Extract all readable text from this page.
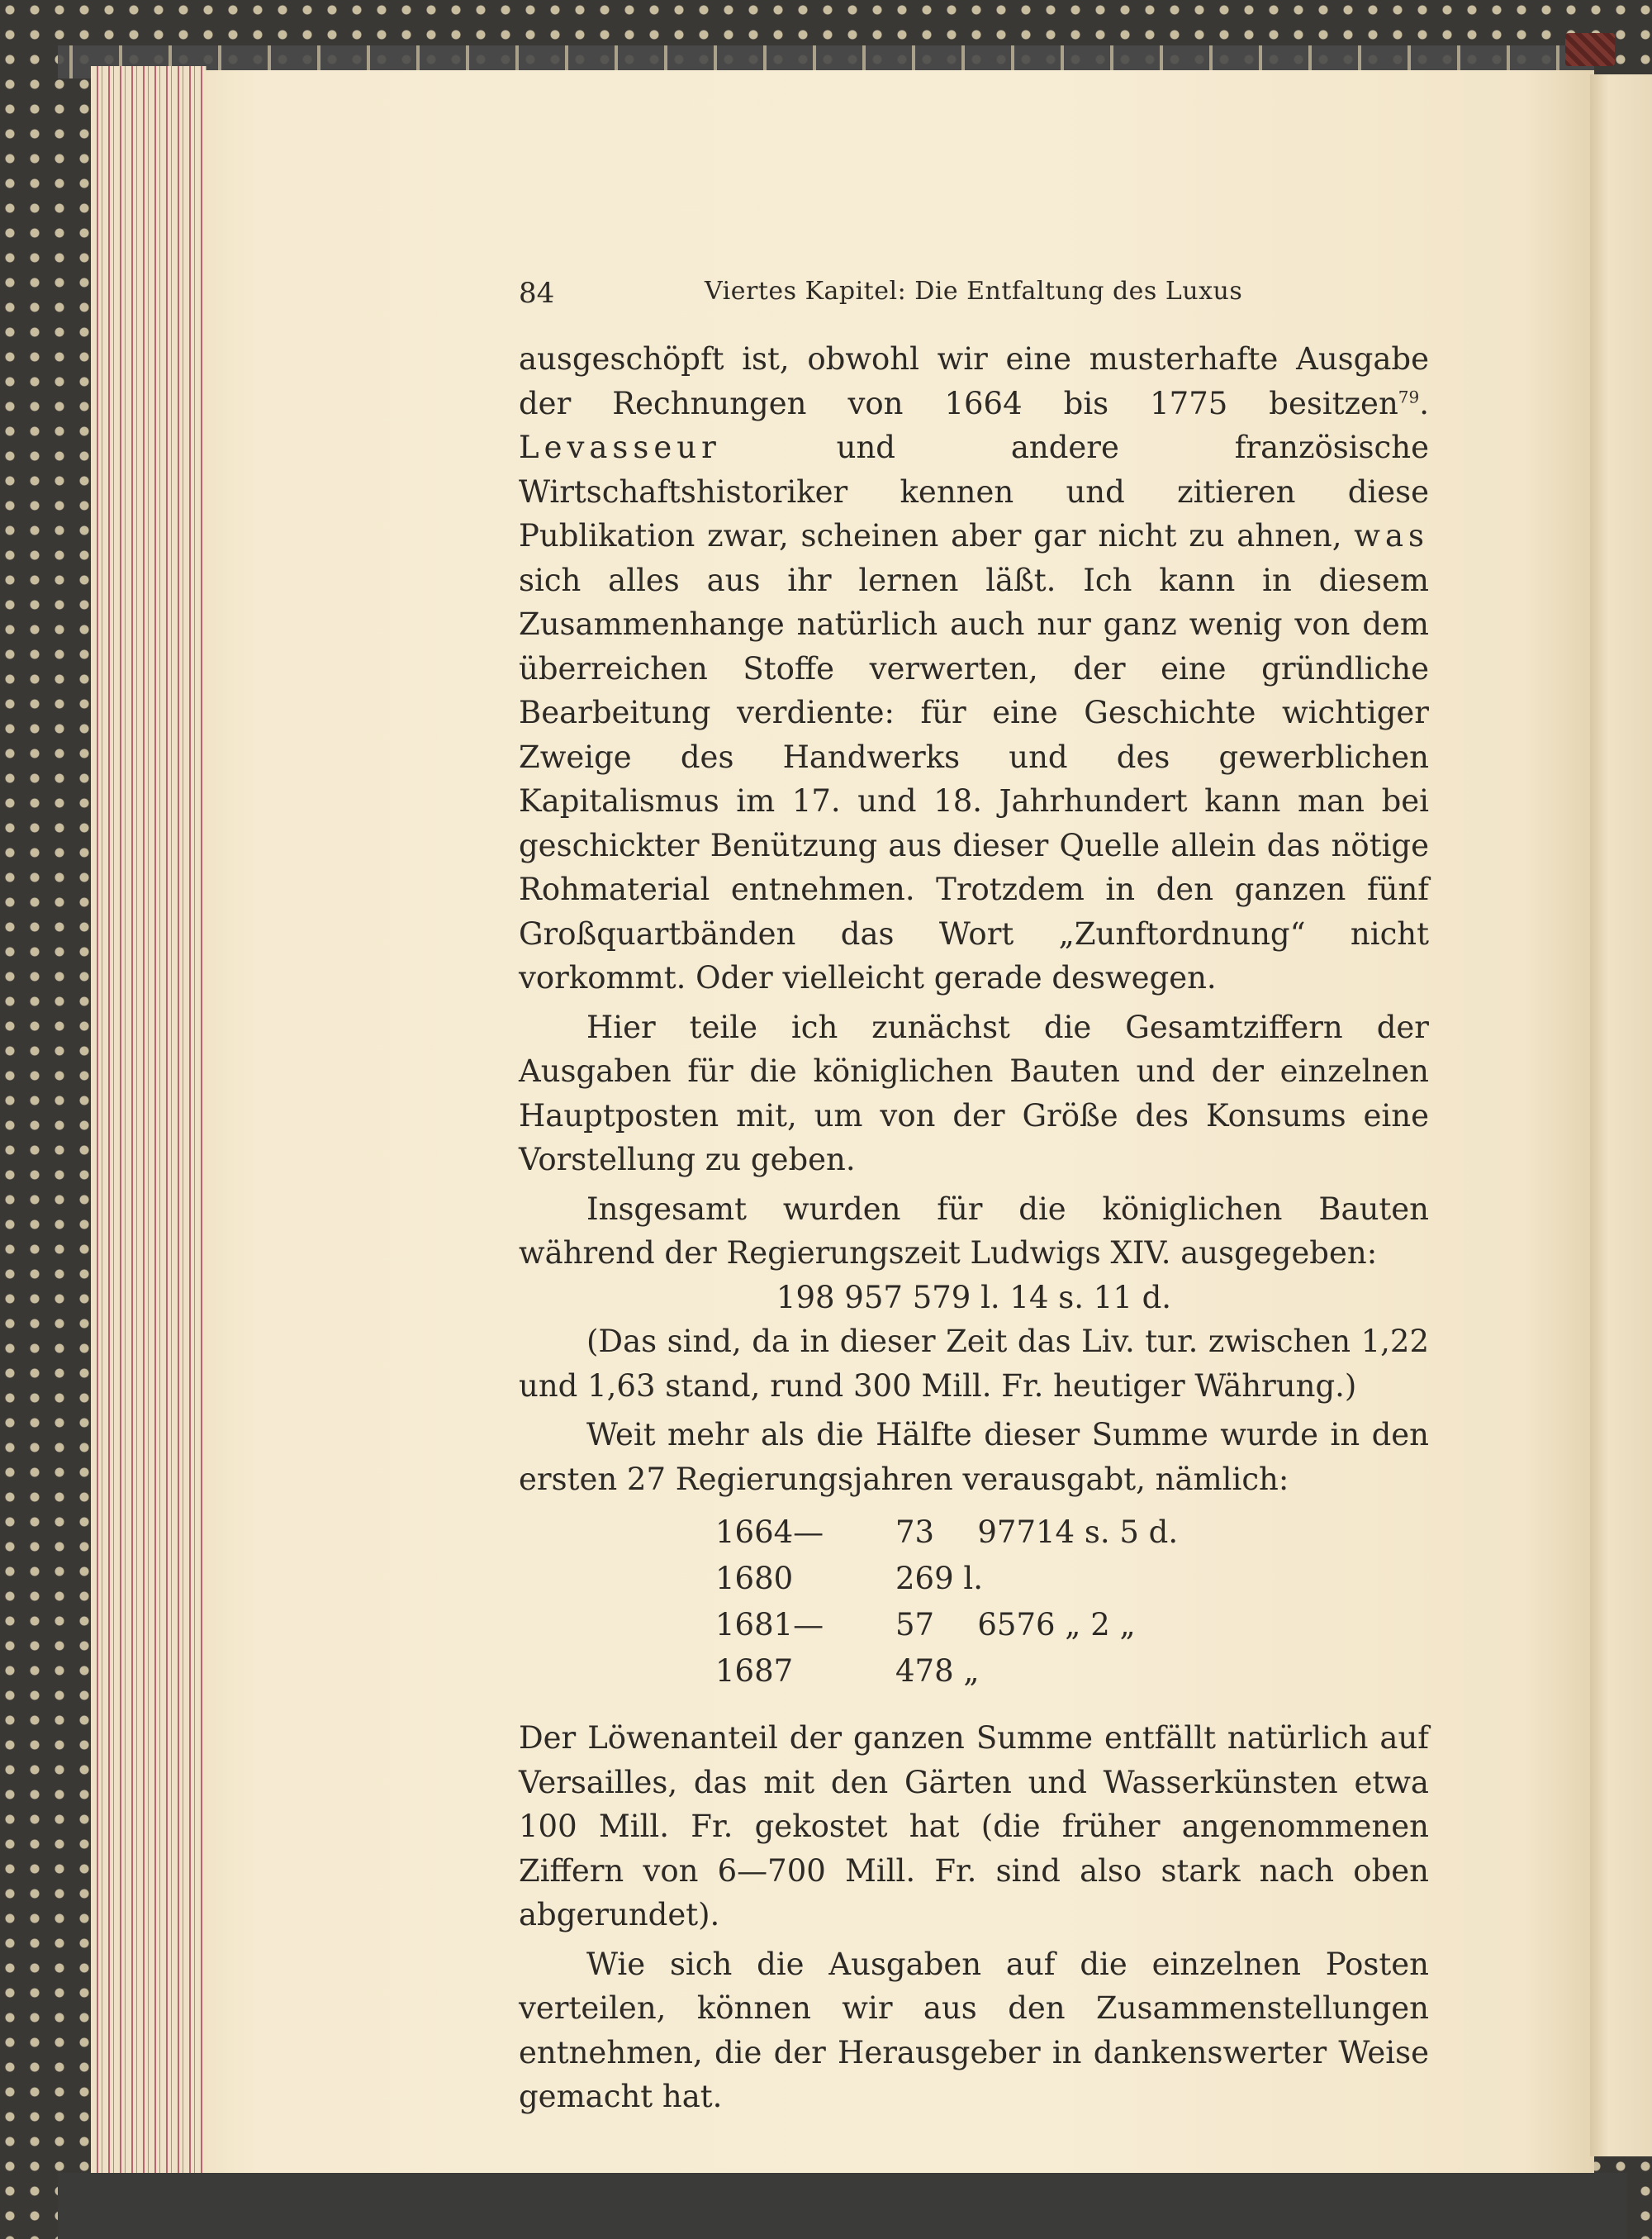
84	Viertes Kapitel: Die Entfaltung des Luxus

ausgeschöpft ist, obwohl wir eine musterhafte Ausgabe der Rechnungen von 1664 bis 1775 besitzen$^{79}$. Levasseur und andere französische Wirtschaftshistoriker kennen und zitieren diese Publikation zwar, scheinen aber gar nicht zu ahnen, was sich alles aus ihr lernen läßt. Ich kann in diesem Zusammenhange natürlich auch nur ganz wenig von dem überreichen Stoffe verwerten, der eine gründliche Bearbeitung verdiente: für eine Geschichte wichtiger Zweige des Handwerks und des gewerblichen Kapitalismus im 17. und 18. Jahrhundert kann man bei geschickter Benützung aus dieser Quelle allein das nötige Rohmaterial entnehmen. Trotzdem in den ganzen fünf Großquartbänden das Wort „Zunftordnung“ nicht vorkommt. Oder vielleicht gerade deswegen.

Hier teile ich zunächst die Gesamtziffern der Ausgaben für die königlichen Bauten und der einzelnen Hauptposten mit, um von der Größe des Konsums eine Vorstellung zu geben.

Insgesamt wurden für die königlichen Bauten während der Regierungszeit Ludwigs XIV. ausgegeben:

198 957 579 l. 14 s. 11 d.

(Das sind, da in dieser Zeit das Liv. tur. zwischen 1,22 und 1,63 stand, rund 300 Mill. Fr. heutiger Währung.)

Weit mehr als die Hälfte dieser Summe wurde in den ersten 27 Regierungsjahren verausgabt, nämlich:

1664—1680
73 977 269 l.
14 s. 5 d.
1681—1687
57 657 478 „
6 „ 2 „

Der Löwenanteil der ganzen Summe entfällt natürlich auf Versailles, das mit den Gärten und Wasserkünsten etwa 100 Mill. Fr. gekostet hat (die früher angenommenen Ziffern von 6—700 Mill. Fr. sind also stark nach oben abgerundet).

Wie sich die Ausgaben auf die einzelnen Posten verteilen, können wir aus den Zusammenstellungen entnehmen, die der Herausgeber in dankenswerter Weise gemacht hat.
